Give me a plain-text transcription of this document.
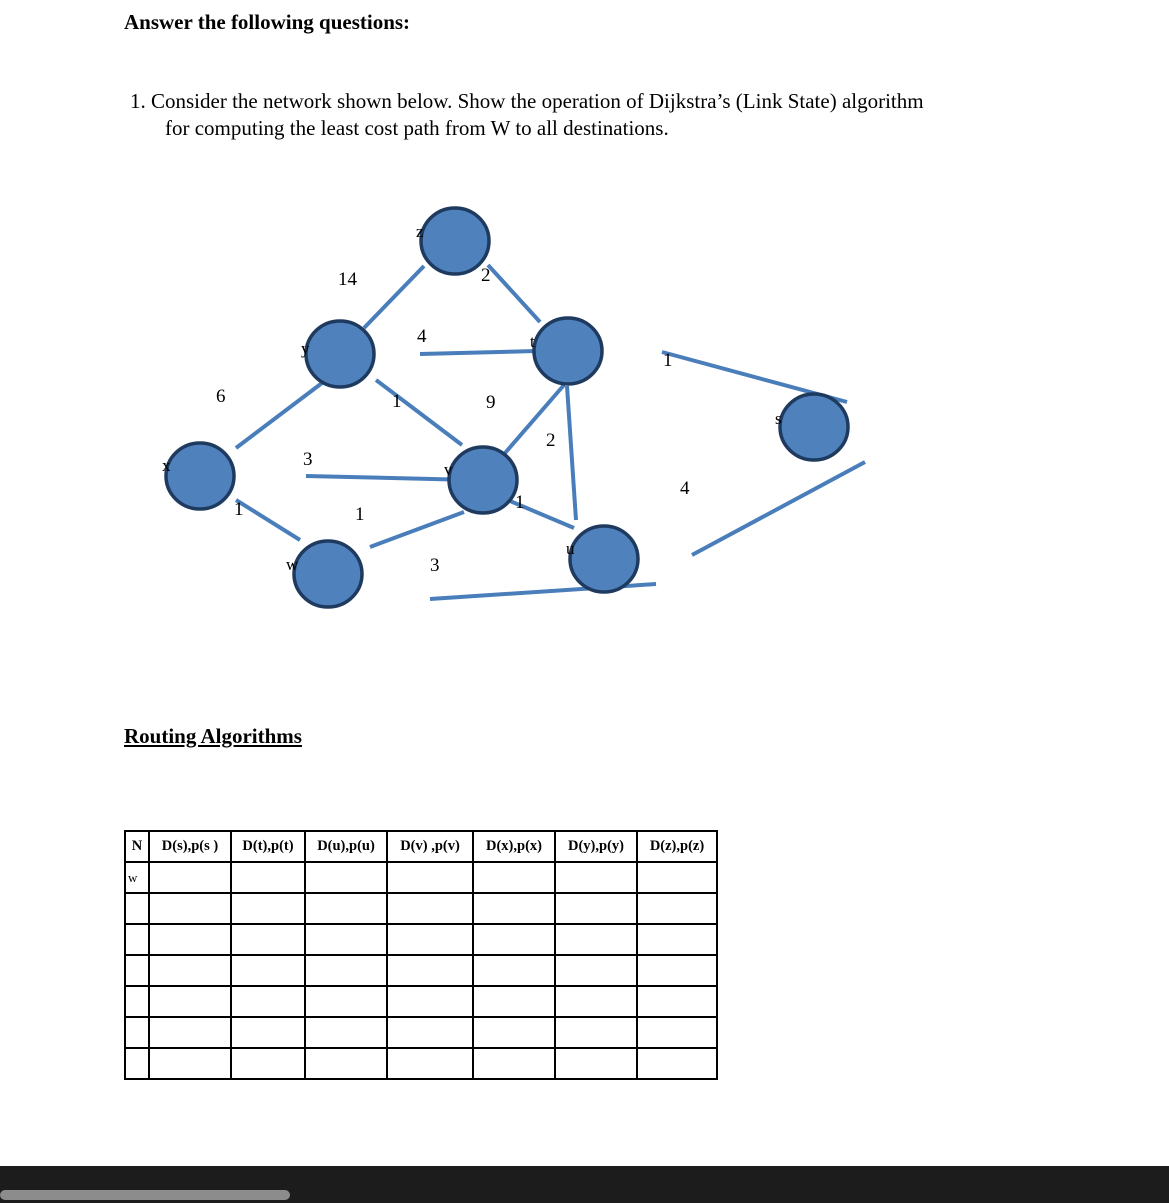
Answer the following questions:
1. Consider the network shown below. Show the operation of Dijkstra’s (Link State) algorithm
for computing the least cost path from W to all destinations.
z
y	t
x	v
s
w
u
14	2
4
1
6	1	9
2
3
4
1	1
1
3
Routing Algorithms
N	D(s),p(s )	D(t),p(t)	D(u),p(u)	D(v) ,p(v)	D(x),p(x)	D(y),p(y)	D(z),p(z)
w							
